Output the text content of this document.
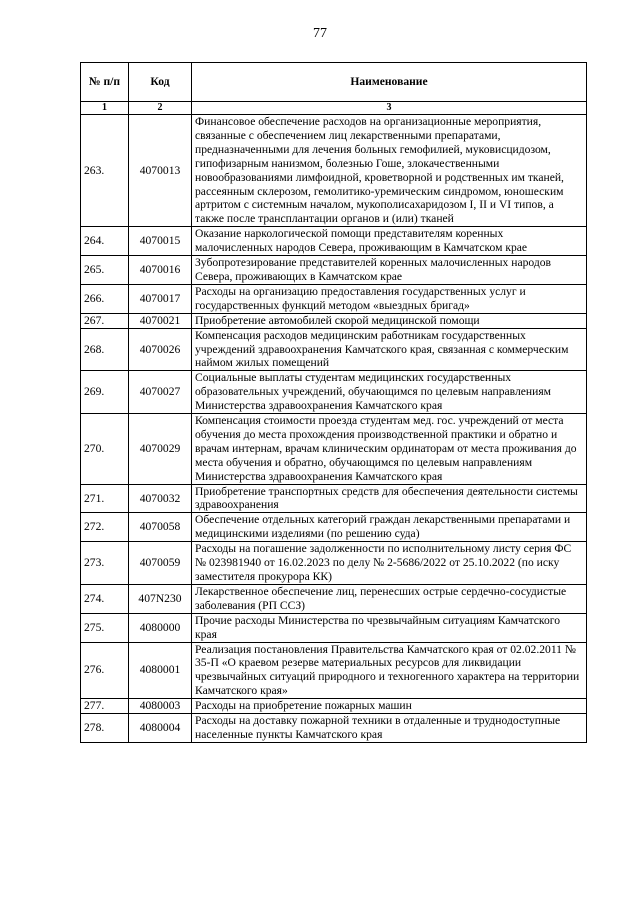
77
№ п/п	Код	Наименование
1	2	3
263.	4070013	Финансовое обеспечение расходов на организационные мероприятия, связанные с обеспечением лиц лекарственными препаратами, предназначенными для лечения больных гемофилией, муковисцидозом, гипофизарным нанизмом, болезнью Гоше, злокачественными новообразованиями лимфоидной, кроветворной и родственных им тканей, рассеянным склерозом, гемолитико-уремическим синдромом, юношеским артритом с системным началом, мукополисахаридозом I, II и VI типов, а также после трансплантации органов и (или) тканей
264.	4070015	Оказание наркологической помощи представителям коренных малочисленных народов Севера, проживающим в Камчатском крае
265.	4070016	Зубопротезирование представителей коренных малочисленных народов Севера, проживающих в Камчатском крае
266.	4070017	Расходы на организацию предоставления государственных услуг и государственных функций методом «выездных бригад»
267.	4070021	Приобретение автомобилей скорой медицинской помощи
268.	4070026	Компенсация расходов медицинским работникам государственных учреждений здравоохранения Камчатского края, связанная с коммерческим наймом жилых помещений
269.	4070027	Социальные выплаты студентам медицинских государственных образовательных учреждений, обучающимся по целевым направлениям Министерства здравоохранения Камчатского края
270.	4070029	Компенсация стоимости проезда студентам мед. гос. учреждений от места обучения до места прохождения производственной практики и обратно и врачам интернам, врачам клиническим ординаторам от места проживания до места обучения и обратно, обучающимся по целевым направлениям Министерства здравоохранения Камчатского края
271.	4070032	Приобретение транспортных средств для обеспечения деятельности системы здравоохранения
272.	4070058	Обеспечение отдельных категорий граждан лекарственными препаратами и медицинскими изделиями (по решению суда)
273.	4070059	Расходы на погашение задолженности по исполнительному листу серия ФС № 023981940 от 16.02.2023 по делу № 2-5686/2022 от 25.10.2022 (по иску заместителя прокурора КК)
274.	407N230	Лекарственное обеспечение лиц, перенесших острые сердечно-сосудистые заболевания (РП ССЗ)
275.	4080000	Прочие расходы Министерства по чрезвычайным ситуациям Камчатского края
276.	4080001	Реализация постановления Правительства Камчатского края от 02.02.2011 № 35-П «О краевом резерве материальных ресурсов для ликвидации чрезвычайных ситуаций природного и техногенного характера на территории Камчатского края»
277.	4080003	Расходы на приобретение пожарных машин
278.	4080004	Расходы на доставку пожарной техники в отдаленные и труднодоступные населенные пункты Камчатского края
